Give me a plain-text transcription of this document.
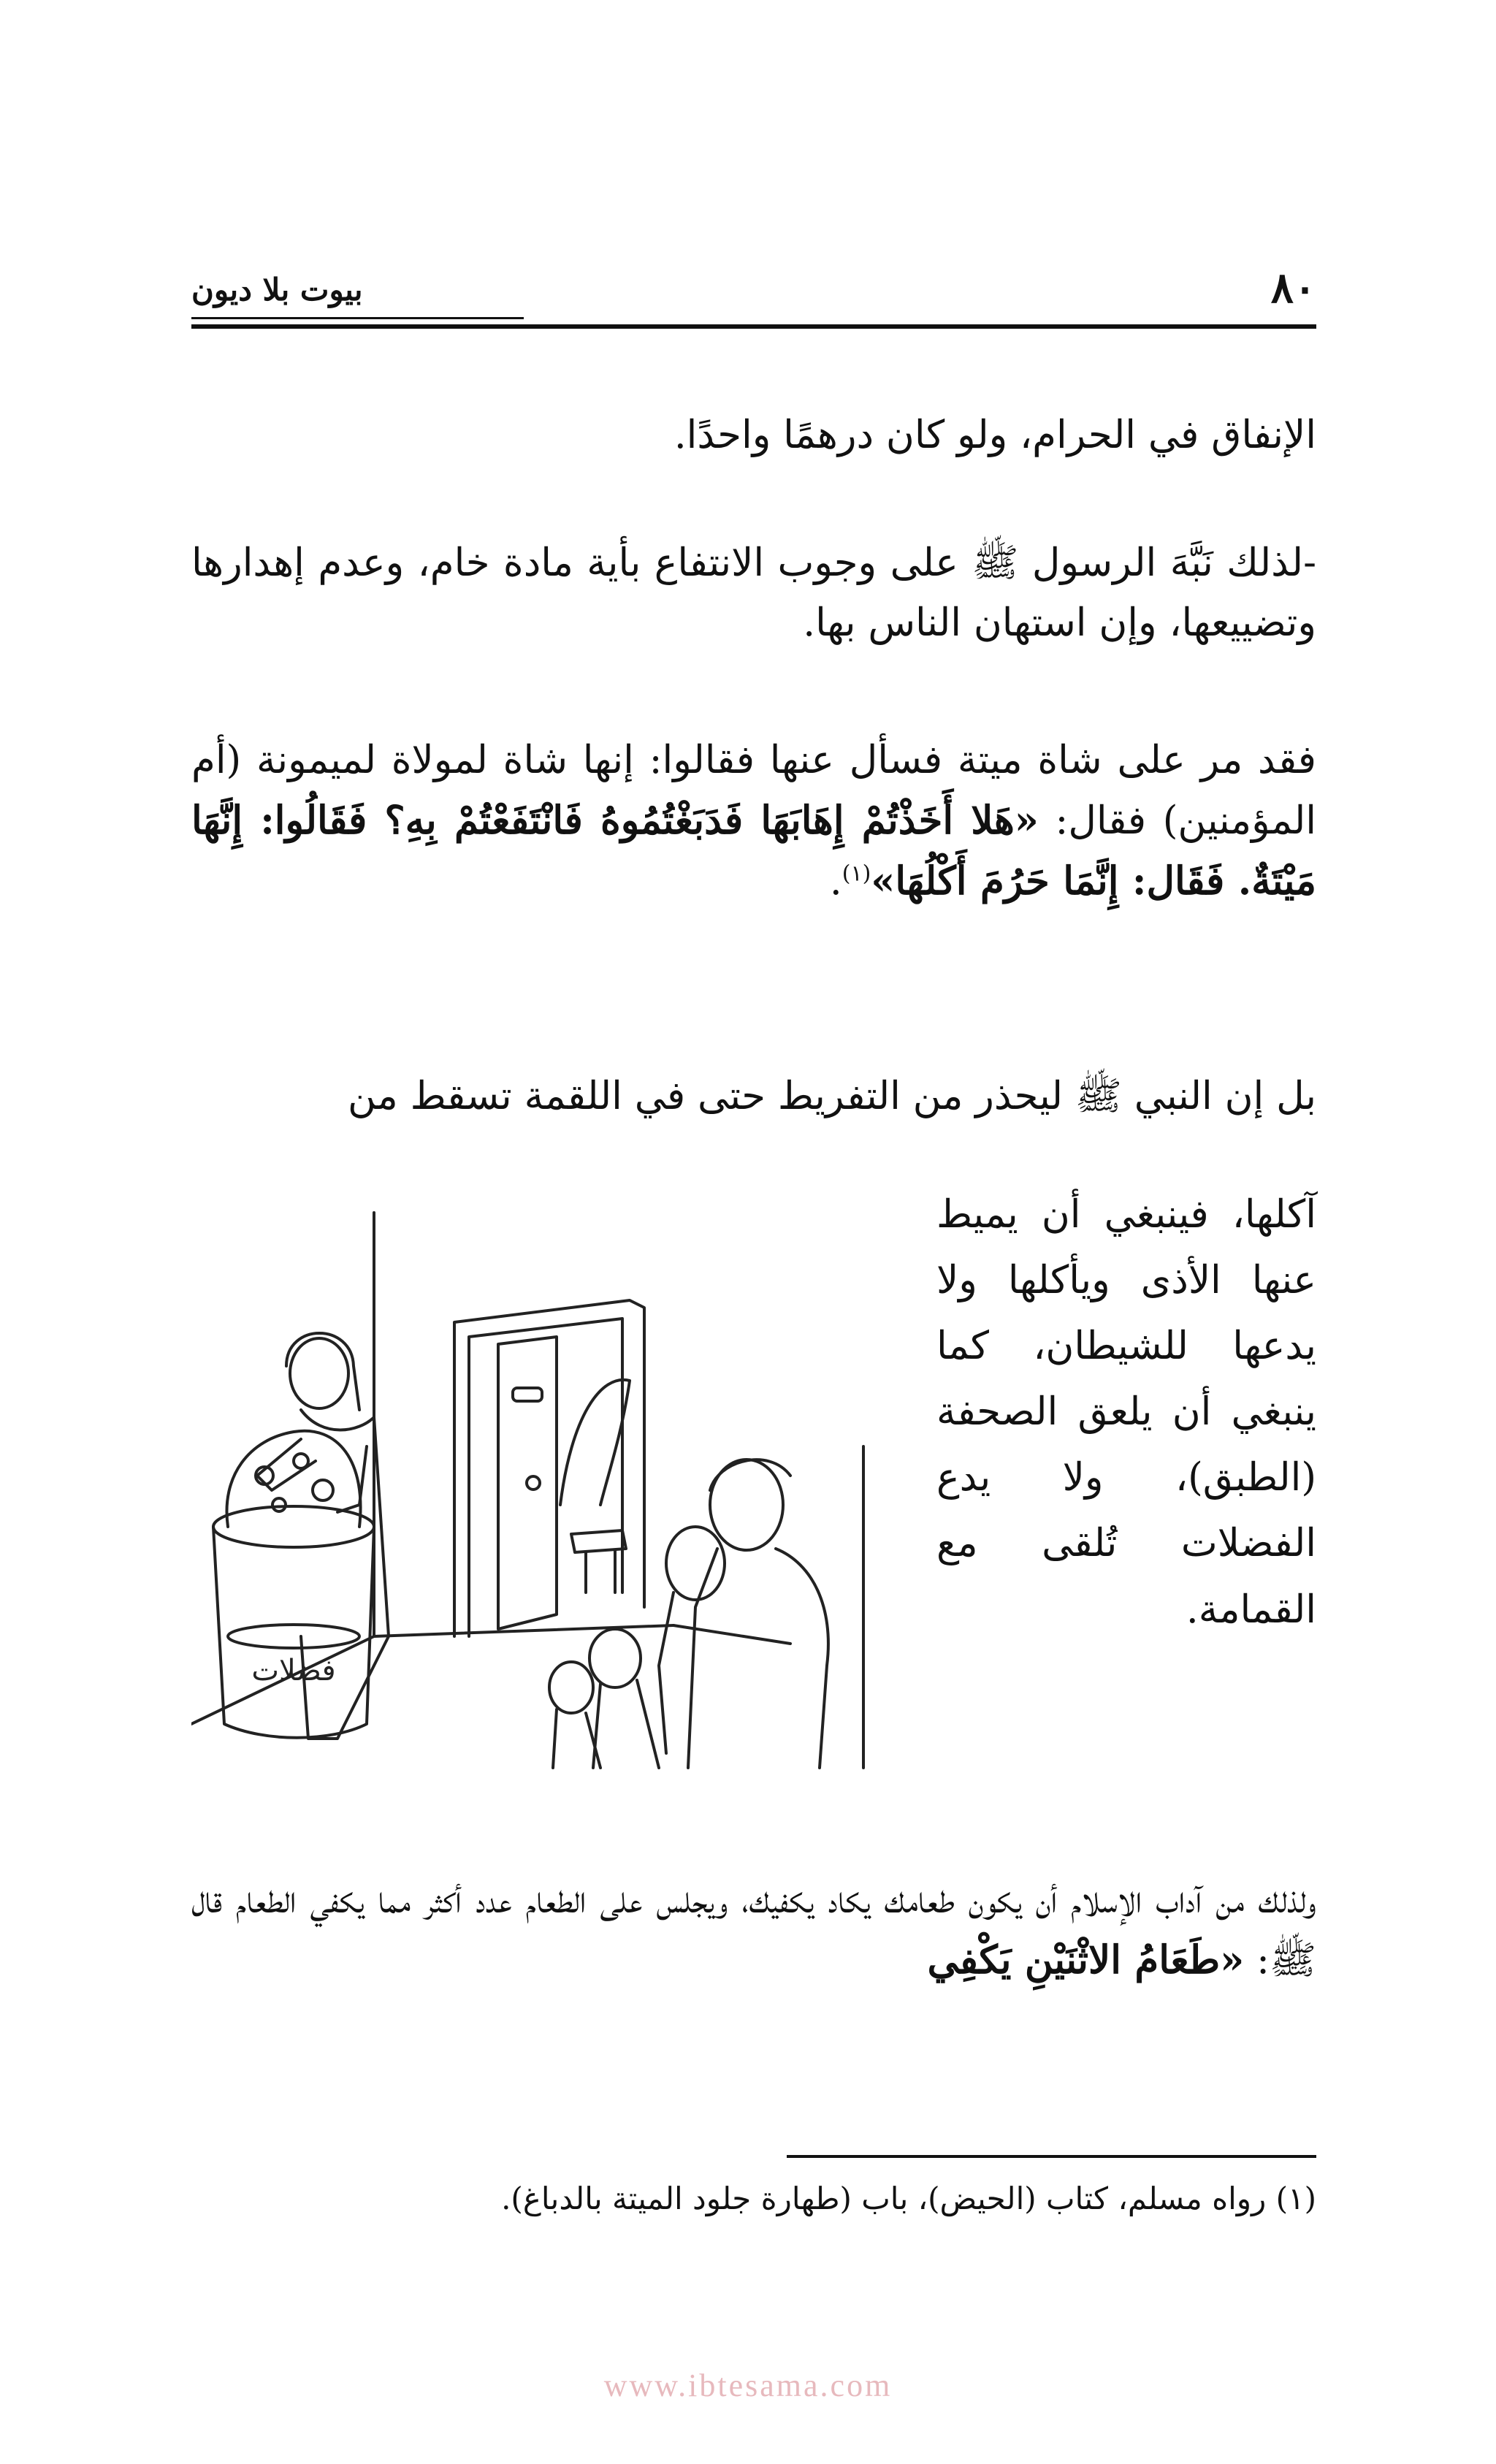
٨٠
بيوت بلا ديون

الإنفاق في الحرام، ولو كان درهمًا واحدًا.

-لذلك نَبَّهَ الرسول ﷺ على وجوب الانتفاع بأية مادة خام، وعدم إهدارها وتضييعها، وإن استهان الناس بها.

فقد مر على شاة ميتة فسأل عنها فقالوا: إنها شاة لمولاة لميمونة (أم المؤمنين) فقال: «هَلا أَخَذْتُمْ إِهَابَهَا فَدَبَغْتُمُوهُ فَانْتَفَعْتُمْ بِهِ؟ فَقَالُوا: إِنَّهَا مَيْتَةٌ. فَقَال: إِنَّمَا حَرُمَ أَكْلُهَا»$^{(١)}$.

بل إن النبي ﷺ ليحذر من التفريط حتى في اللقمة تسقط من

آكلها، فينبغي أن يميط عنها الأذى ويأكلها ولا يدعها للشيطان، كما ينبغي أن يلعق الصحفة (الطبق)، ولا يدع الفضلات تُلقى مع القمامة.

فضلات

ولذلك من آداب الإسلام أن يكون طعامك يكاد يكفيك، ويجلس على الطعام عدد أكثر مما يكفي الطعام قال ﷺ: «طَعَامُ الاثْنَيْنِ يَكْفِي

(١) رواه مسلم، كتاب (الحيض)، باب (طهارة جلود الميتة بالدباغ).

www.ibtesama.com
